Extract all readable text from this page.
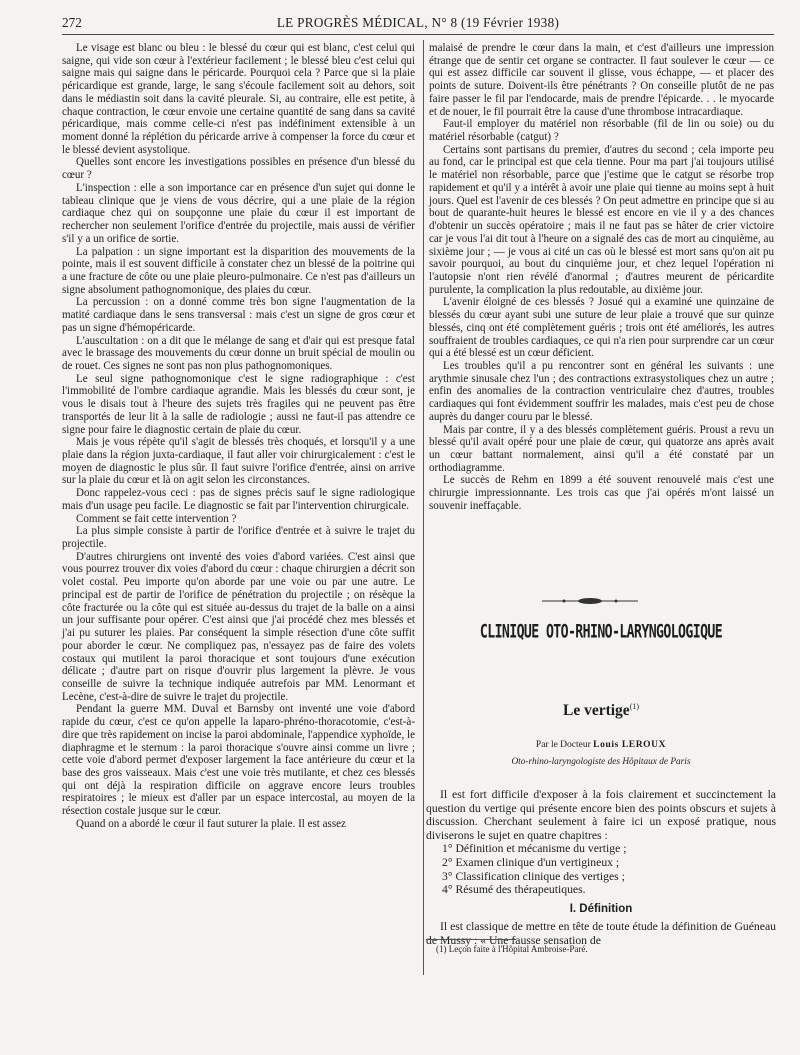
272	LE PROGRÈS MÉDICAL, N° 8 (19 Février 1938)

Le visage est blanc ou bleu : le blessé du cœur qui est blanc, c'est celui qui saigne, qui vide son cœur à l'extérieur facilement ; le blessé bleu c'est celui qui saigne mais qui saigne dans le péricarde. Pourquoi cela ? Parce que si la plaie péricardique est grande, large, le sang s'écoule facilement soit au dehors, soit dans le médiastin soit dans la cavité pleurale. Si, au contraire, elle est petite, à chaque contraction, le cœur envoie une certaine quantité de sang dans sa cavité péricardique, mais comme celle-ci n'est pas indéfiniment extensible à un moment donné la réplétion du péricarde arrive à compenser la force du cœur et le blessé devient asystolique.

Quelles sont encore les investigations possibles en présence d'un blessé du cœur ?

L'inspection : elle a son importance car en présence d'un sujet qui donne le tableau clinique que je viens de vous décrire, qui a une plaie de la région cardiaque chez qui on soupçonne une plaie du cœur il est important de rechercher non seulement l'orifice d'entrée du projectile, mais aussi de vérifier s'il y a un orifice de sortie.

La palpation : un signe important est la disparition des mouvements de la pointe, mais il est souvent difficile à constater chez un blessé de la poitrine qui a une fracture de côte ou une plaie pleuro-pulmonaire. Ce n'est pas d'ailleurs un signe absolument pathognomonique, des plaies du cœur.

La percussion : on a donné comme très bon signe l'augmentation de la matité cardiaque dans le sens transversal : mais c'est un signe de gros cœur et pas un signe d'hémopéricarde.

L'auscultation : on a dit que le mélange de sang et d'air qui est presque fatal avec le brassage des mouvements du cœur donne un bruit spécial de moulin ou de rouet. Ces signes ne sont pas non plus pathognomoniques.

Le seul signe pathognomonique c'est le signe radiographique : c'est l'immobilité de l'ombre cardiaque agrandie. Mais les blessés du cœur sont, je vous le disais tout à l'heure des sujets très fragiles qui ne peuvent pas être transportés de leur lit à la salle de radiologie ; aussi ne faut-il pas attendre ce signe pour faire le diagnostic certain de plaie du cœur.

Mais je vous répète qu'il s'agit de blessés très choqués, et lorsqu'il y a une plaie dans la région juxta-cardiaque, il faut aller voir chirurgicalement : c'est le moyen de diagnostic le plus sûr. Il faut suivre l'orifice d'entrée, ainsi on arrive sur la plaie du cœur et là on agit selon les circonstances.

Donc rappelez-vous ceci : pas de signes précis sauf le signe radiologique mais d'un usage peu facile. Le diagnostic se fait par l'intervention chirurgicale.

Comment se fait cette intervention ?

La plus simple consiste à partir de l'orifice d'entrée et à suivre le trajet du projectile.

D'autres chirurgiens ont inventé des voies d'abord variées. C'est ainsi que vous pourrez trouver dix voies d'abord du cœur : chaque chirurgien a décrit son volet costal. Peu importe qu'on aborde par une voie ou par une autre. Le principal est de partir de l'orifice de pénétration du projectile ; on résèque la côte fracturée ou la côte qui est située au-dessus du trajet de la balle on a ainsi un jour suffisante pour opérer. C'est ainsi que j'ai procédé chez mes blessés et j'ai pu suturer les plaies. Par conséquent la simple résection d'une côte suffit pour aborder le cœur. Ne compliquez pas, n'essayez pas de faire des volets costaux qui mutilent la paroi thoracique et sont toujours d'une exécution délicate ; d'autre part on risque d'ouvrir plus largement la plèvre. Je vous conseille de suivre la technique indiquée autrefois par MM. Lenormant et Lecène, c'est-à-dire de suivre le trajet du projectile.

Pendant la guerre MM. Duval et Barnsby ont inventé une voie d'abord rapide du cœur, c'est ce qu'on appelle la laparo-phréno-thoracotomie, c'est-à-dire que très rapidement on incise la paroi abdominale, l'appendice xyphoïde, le diaphragme et le sternum : la paroi thoracique s'ouvre ainsi comme un livre ; cette voie d'abord permet d'exposer largement la face antérieure du cœur et la base des gros vaisseaux. Mais c'est une voie très mutilante, et chez ces blessés qui ont déjà la respiration difficile on aggrave encore leurs troubles respiratoires ; le mieux est d'aller par un espace intercostal, au moyen de la résection costale jusque sur le cœur.

Quand on a abordé le cœur il faut suturer la plaie. Il est assez

malaisé de prendre le cœur dans la main, et c'est d'ailleurs une impression étrange que de sentir cet organe se contracter. Il faut soulever le cœur — ce qui est assez difficile car souvent il glisse, vous échappe, — et placer des points de suture. Doivent-ils être pénétrants ? On conseille plutôt de ne pas faire passer le fil par l'endocarde, mais de prendre l'épicarde. . . le myocarde et de nouer, le fil pourrait être la cause d'une thrombose intracardiaque.

Faut-il employer du matériel non résorbable (fil de lin ou soie) ou du matériel résorbable (catgut) ?

Certains sont partisans du premier, d'autres du second ; cela importe peu au fond, car le principal est que cela tienne. Pour ma part j'ai toujours utilisé le matériel non résorbable, parce que j'estime que le catgut se résorbe trop rapidement et qu'il y a intérêt à avoir une plaie qui tienne au moins sept à huit jours. Quel est l'avenir de ces blessés ? On peut admettre en principe que si au bout de quarante-huit heures le blessé est encore en vie il y a des chances d'obtenir un succès opératoire ; mais il ne faut pas se hâter de crier victoire car je vous l'ai dit tout à l'heure on a signalé des cas de mort au cinquième, au sixième jour ; — je vous ai cité un cas où le blessé est mort sans qu'on ait pu savoir pourquoi, au bout du cinquième jour, et chez lequel l'opération ni l'autopsie n'ont rien révélé d'anormal ; d'autres meurent de péricardite purulente, la complication la plus redoutable, au dixième jour.

L'avenir éloigné de ces blessés ? Josué qui a examiné une quinzaine de blessés du cœur ayant subi une suture de leur plaie a trouvé que sur quinze blessés, cinq ont été complètement guéris ; trois ont été améliorés, les autres souffraient de troubles cardiaques, ce qui n'a rien pour surprendre car un cœur qui a été blessé est un cœur déficient.

Les troubles qu'il a pu rencontrer sont en général les suivants : une arythmie sinusale chez l'un ; des contractions extrasystoliques chez un autre ; enfin des anomalies de la contraction ventriculaire chez d'autres, troubles cardiaques qui font évidemment souffrir les malades, mais c'est peu de chose auprès du danger couru par le blessé.

Mais par contre, il y a des blessés complètement guéris. Proust a revu un blessé qu'il avait opéré pour une plaie de cœur, qui quatorze ans après avait un cœur battant normalement, ainsi qu'il a été constaté par un orthodiagramme.

Le succès de Rehm en 1899 a été souvent renouvelé mais c'est une chirurgie impressionnante. Les trois cas que j'ai opérés m'ont laissé un souvenir ineffaçable.

CLINIQUE OTO-RHINO-LARYNGOLOGIQUE
Le vertige$^{(1)}$
Par le Docteur Louis LEROUX
Oto-rhino-laryngologiste des Hôpitaux de Paris

Il est fort difficile d'exposer à la fois clairement et succinctement la question du vertige qui présente encore bien des points obscurs et sujets à discussion. Cherchant seulement à faire ici un exposé pratique, nous diviserons le sujet en quatre chapitres :

1° Définition et mécanisme du vertige ;
2° Examen clinique d'un vertigineux ;
3° Classification clinique des vertiges ;
4° Résumé des thérapeutiques.
I. Définition

Il est classique de mettre en tête de toute étude la définition de Guéneau de Mussy : « Une fausse sensation de

(1) Leçon faite à l'Hôpital Ambroise-Paré.
